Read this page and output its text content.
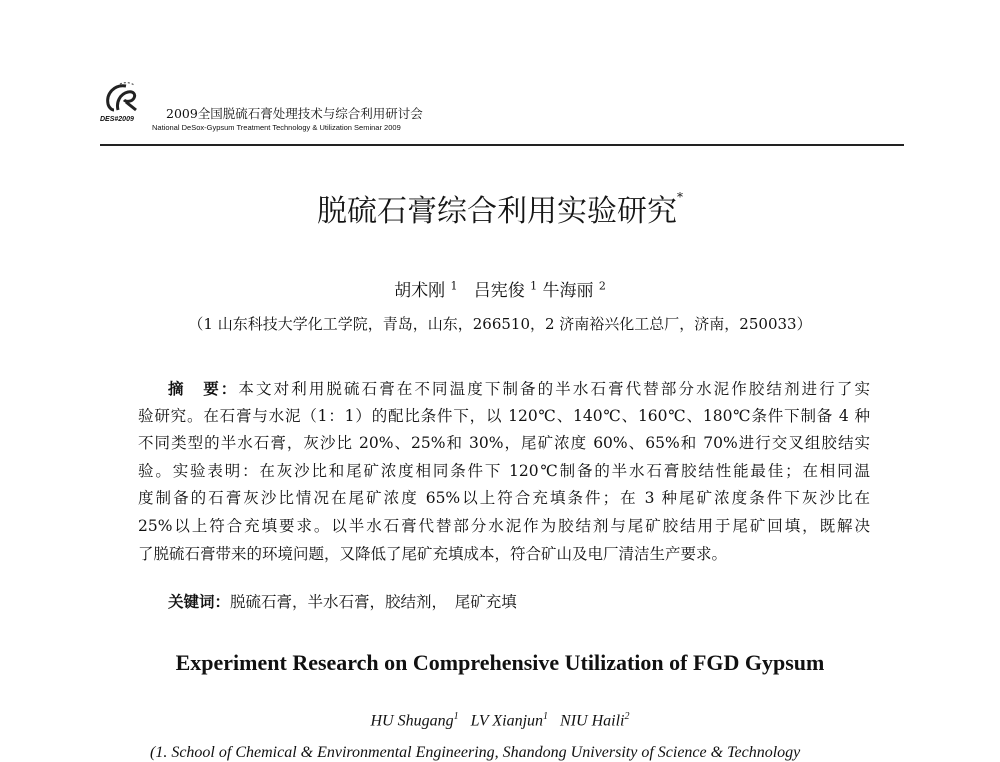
DES#2009	2009全国脱硫石膏处理技术与综合利用研讨会
National DeSox-Gypsum Treatment Technology & Utilization Seminar 2009
脱硫石膏综合利用实验研究*
胡术刚 $^1$ 吕宪俊 $^1$ 牛海丽 $^2$
（1 山东科技大学化工学院，青岛，山东，266510，2 济南裕兴化工总厂，济南，250033）
摘　要：本文对利用脱硫石膏在不同温度下制备的半水石膏代替部分水泥作胶结剂进行了实
验研究。在石膏与水泥（1：1）的配比条件下，以 120℃、140℃、160℃、180℃条件下制备 4 种
不同类型的半水石膏，灰沙比 20%、25%和 30%，尾矿浓度 60%、65%和 70%进行交叉组胶结实
验。实验表明：在灰沙比和尾矿浓度相同条件下 120℃制备的半水石膏胶结性能最佳；在相同温
度制备的石膏灰沙比情况在尾矿浓度 65%以上符合充填条件；在 3 种尾矿浓度条件下灰沙比在
25%以上符合充填要求。以半水石膏代替部分水泥作为胶结剂与尾矿胶结用于尾矿回填，既解决
了脱硫石膏带来的环境问题，又降低了尾矿充填成本，符合矿山及电厂清洁生产要求。
关键词：脱硫石膏，半水石膏，胶结剂，　尾矿充填
Experiment Research on Comprehensive Utilization of FGD Gypsum
HU Shugang$^1$ LV Xianjun$^1$ NIU Haili$^2$
(1. School of Chemical & Environmental Engineering, Shandong University of Science & Technology
